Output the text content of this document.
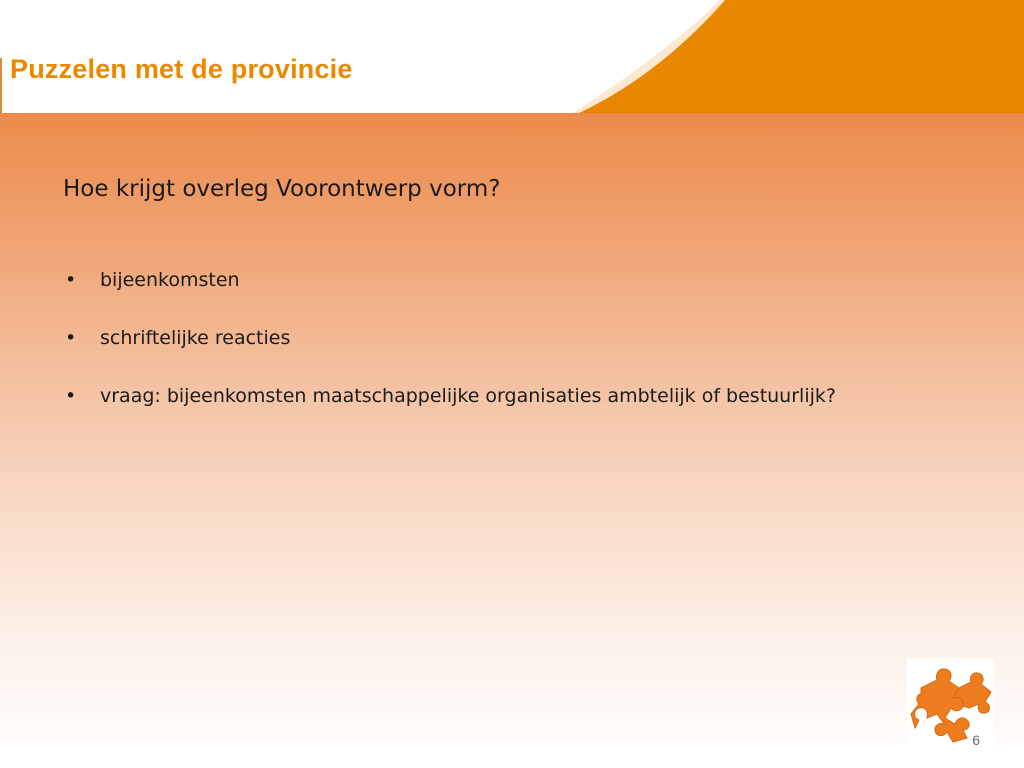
Puzzelen met de provincie
Hoe krijgt overleg Voorontwerp vorm?
• bijeenkomsten
• schriftelijke reacties
• vraag: bijeenkomsten maatschappelijke organisaties ambtelijk of bestuurlijk?
6
